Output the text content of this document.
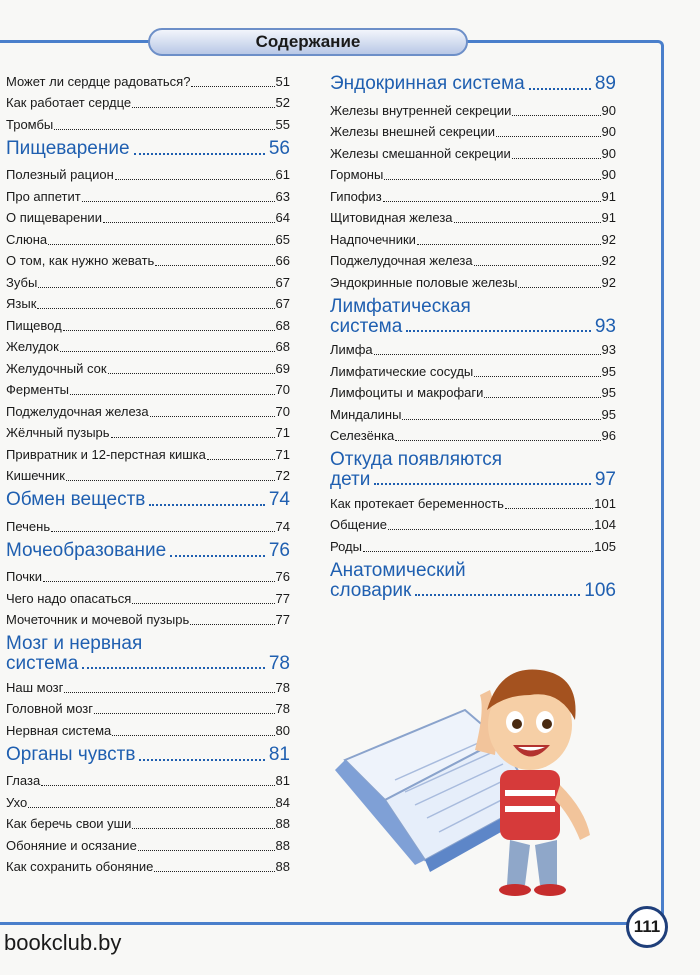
Содержание
Может ли сердце радоваться?	51
Как работает сердце	52
Тромбы	55
Пищеварение	56
Полезный рацион	61
Про аппетит	63
О пищеварении	64
Слюна	65
О том, как нужно жевать	66
Зубы	67
Язык	67
Пищевод	68
Желудок	68
Желудочный сок	69
Ферменты	70
Поджелудочная железа	70
Жёлчный пузырь	71
Привратник и 12-перстная кишка	71
Кишечник	72
Обмен веществ	74
Печень	74
Мочеобразование	76
Почки	76
Чего надо опасаться	77
Мочеточник и мочевой пузырь	77
Мозг и нервная
система	78
Наш мозг	78
Головной мозг	78
Нервная система	80
Органы чувств	81
Глаза	81
Ухо	84
Как беречь свои уши	88
Обоняние и осязание	88
Как сохранить обоняние	88
Эндокринная система	89
Железы внутренней секреции	90
Железы внешней секреции	90
Железы смешанной секреции	90
Гормоны	90
Гипофиз	91
Щитовидная железа	91
Надпочечники	92
Поджелудочная железа	92
Эндокринные половые железы	92
Лимфатическая
система	93
Лимфа	93
Лимфатические сосуды	95
Лимфоциты и макрофаги	95
Миндалины	95
Селезёнка	96
Откуда появляются
дети	97
Как протекает беременность	101
Общение	104
Роды	105
Анатомический
словарик	106
111
bookclub.by
